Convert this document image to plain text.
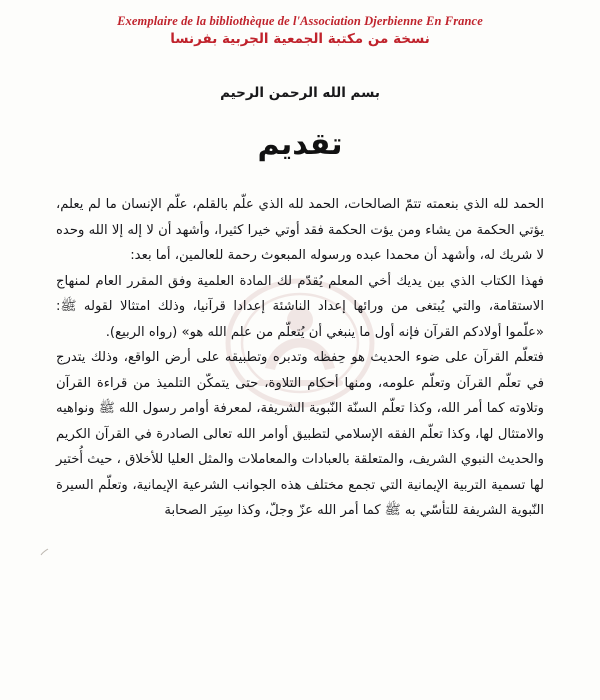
Exemplaire de la bibliothèque de l'Association Djerbienne En France
نسخة من مكتبة الجمعية الجربية بفرنسا
بسم الله الرحمن الرحيم
تقديم

الحمد لله الذي بنعمته تتمّ الصالحات، الحمد لله الذي علّم بالقلم، علّم الإنسان ما لم يعلم، يؤتي الحكمة من يشاء ومن يؤت الحكمة فقد أوتي خيرا كثيرا، وأشهد أن لا إله إلا الله وحده لا شريك له، وأشهد أن محمدا عبده ورسوله المبعوث رحمة للعالمين، أما بعد:

فهذا الكتاب الذي بين يديك أخي المعلم يُقدّم لك المادة العلمية وفق المقرر العام لمنهاج الاستقامة، والتي يُبتغى من ورائها إعداد الناشئة إعدادا قرآنيا، وذلك امتثالا لقوله ﷺ: «علّموا أولادكم القرآن فإنه أول ما ينبغي أن يُتعلّم من علم الله هو» (رواه الربيع).

فتعلّم القرآن على ضوء الحديث هو حِفظه وتدبره وتطبيقه على أرض الواقع، وذلك يتدرج في تعلّم القرآن وتعلّم علومه، ومنها أحكام التلاوة، حتى يتمكّن التلميذ من قراءة القرآن وتلاوته كما أمر الله، وكذا تعلّم السنّة النّبوية الشريفة، لمعرفة أوامر رسول الله ﷺ ونواهيه والامتثال لها، وكذا تعلّم الفقه الإسلامي لتطبيق أوامر الله تعالى الصادرة في القرآن الكريم والحديث النبوي الشريف، والمتعلقة بالعبادات والمعاملات والمثل العليا للأخلاق ، حيث أُختير لها تسمية التربية الإيمانية التي تجمع مختلف هذه الجوانب الشرعية الإيمانية، وتعلّم السيرة النّبوية الشريفة للتأسّي به ﷺ كما أمر الله عزّ وجلّ، وكذا سِيَر الصحابة
